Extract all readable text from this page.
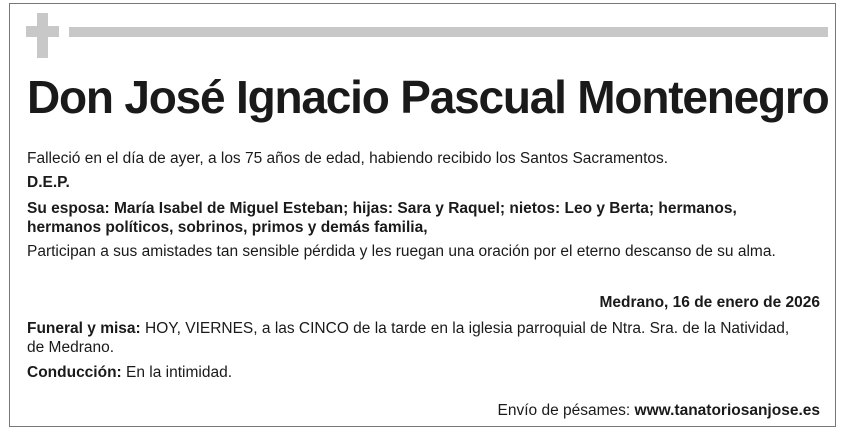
Don José Ignacio Pascual Montenegro
Falleció en el día de ayer, a los 75 años de edad, habiendo recibido los Santos Sacramentos.
D.E.P.
Su esposa: María Isabel de Miguel Esteban; hijas: Sara y Raquel; nietos: Leo y Berta; hermanos,
hermanos políticos, sobrinos, primos y demás familia,
Participan a sus amistades tan sensible pérdida y les ruegan una oración por el eterno descanso de su alma.
Medrano, 16 de enero de 2026
Funeral y misa: HOY, VIERNES, a las CINCO de la tarde en la iglesia parroquial de Ntra. Sra. de la Natividad,
de Medrano.
Conducción: En la intimidad.
Envío de pésames: www.tanatoriosanjose.es
